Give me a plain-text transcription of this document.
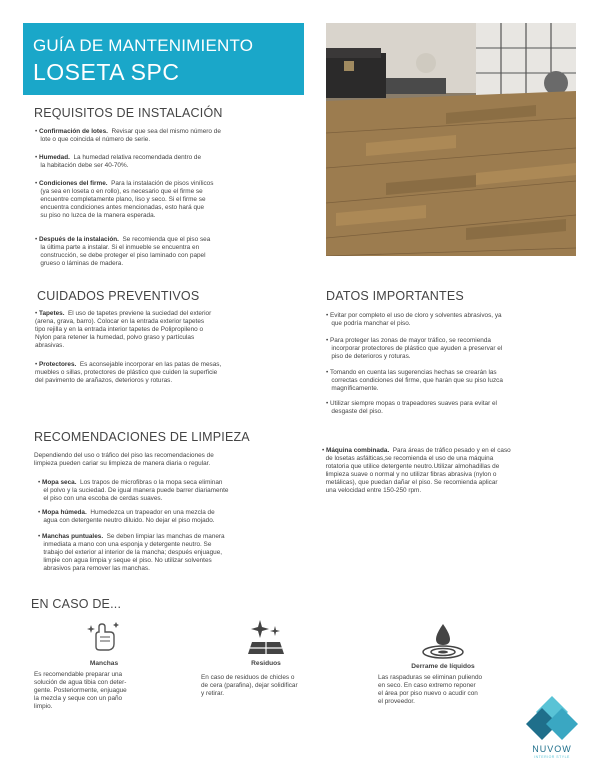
GUÍA DE MANTENIMIENTO
LOSETA SPC
REQUISITOS DE INSTALACIÓN
• Confirmación de lotes. Revisar que sea del mismo número de
lote o que coincida el número de serie.
• Humedad. La humedad relativa recomendada dentro de
la habitación debe ser 40-70%.
• Condiciones del firme. Para la instalación de pisos vinílicos
(ya sea en loseta o en rollo), es necesario que el firme se
encuentre completamente plano, liso y seco. Si el firme se
encuentra condiciones antes mencionadas, esto hará que
su piso no luzca de la manera esperada.
• Después de la instalación. Se recomienda que el piso sea
la última parte a instalar. Si el inmueble se encuentra en
construcción, se debe proteger el piso laminado con papel
grueso o láminas de madera.
CUIDADOS PREVENTIVOS
• Tapetes. El uso de tapetes previene la suciedad del exterior
(arena, grava, barro). Colocar en la entrada exterior tapetes
tipo rejilla y en la entrada interior tapetes de Polipropileno o
Nylon para retener la humedad, polvo graso y partículas
abrasivas.
• Protectores. Es aconsejable incorporar en las patas de mesas,
muebles o sillas, protectores de plástico que cuiden la superficie
del pavimento de arañazos, deterioros y roturas.
DATOS IMPORTANTES
• Evitar por completo el uso de cloro y solventes abrasivos, ya
que podría manchar el piso.
• Para proteger las zonas de mayor tráfico, se recomienda
incorporar protectores de plástico que ayuden a preservar el
piso de deterioros y roturas.
• Tomando en cuenta las sugerencias hechas se crearán las
correctas condiciones del firme, que harán que su piso luzca
magníficamente.
• Utilizar siempre mopas o trapeadores suaves para evitar el
desgaste del piso.
RECOMENDACIONES DE LIMPIEZA
Dependiendo del uso o tráfico del piso las recomendaciones de
limpieza pueden cariar su limpieza de manera diaria o regular.
• Mopa seca. Los trapos de microfibras o la mopa seca eliminan
el polvo y la suciedad. De igual manera puede barrer diariamente
el piso con una escoba de cerdas suaves.
• Mopa húmeda. Humedezca un trapeador en una mezcla de
agua con detergente neutro diluido. No dejar el piso mojado.
• Manchas puntuales. Se deben limpiar las manchas de manera
inmediata a mano con una esponja y detergente neutro. Se
trabajo del exterior al interior de la mancha; después enjuague,
limpie con agua limpia y seque el piso. No utilizar solventes
abrasivos para remover las manchas.
• Máquina combinada. Para áreas de tráfico pesado y en el caso
de losetas asfálticas,se recomienda el uso de una máquina
rotatoria que utilice detergente neutro.Utilizar almohadillas de
limpieza suave o normal y no utilizar fibras abrasiva (nylon o
metálicas), que puedan dañar el piso. Se recomienda aplicar
una velocidad entre 150-250 rpm.
EN CASO DE...
Manchas
Es recomendable preparar una
solución de agua tibia con deter-
gente. Posteriormente, enjuague
la mezcla y seque con un paño
limpio.
Residuos
En caso de residuos de chicles o
de cera (parafina), dejar solidificar
y retirar.
Derrame de líquidos
Las raspaduras se eliminan puliendo
en seco. En caso extremo reponer
el área por piso nuevo o acudir con
el proveedor.
NUVOW
INTERIOR STYLE
